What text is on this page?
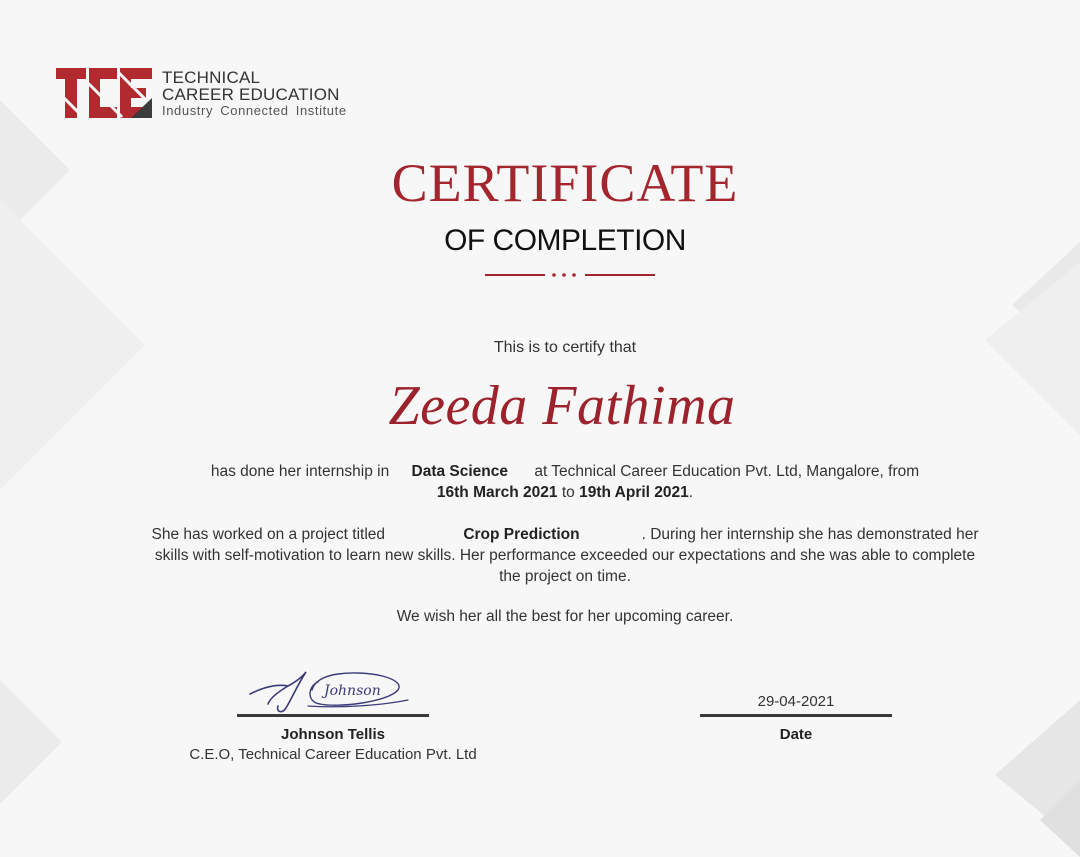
TECHNICAL
CAREER EDUCATION
Industry Connected Institute
CERTIFICATE
OF COMPLETION
This is to certify that
Zeeda Fathima
has done her internship in Data Science at Technical Career Education Pvt. Ltd, Mangalore, from
16th March 2021 to 19th April 2021.
She has worked on a project titled	Crop Prediction	. During her internship she has demonstrated her skills with self-motivation to learn new skills. Her performance exceeded our expectations and she was able to complete the project on time.
We wish her all the best for her upcoming career.
Johnson
Johnson Tellis
C.E.O, Technical Career Education Pvt. Ltd
29-04-2021
Date
